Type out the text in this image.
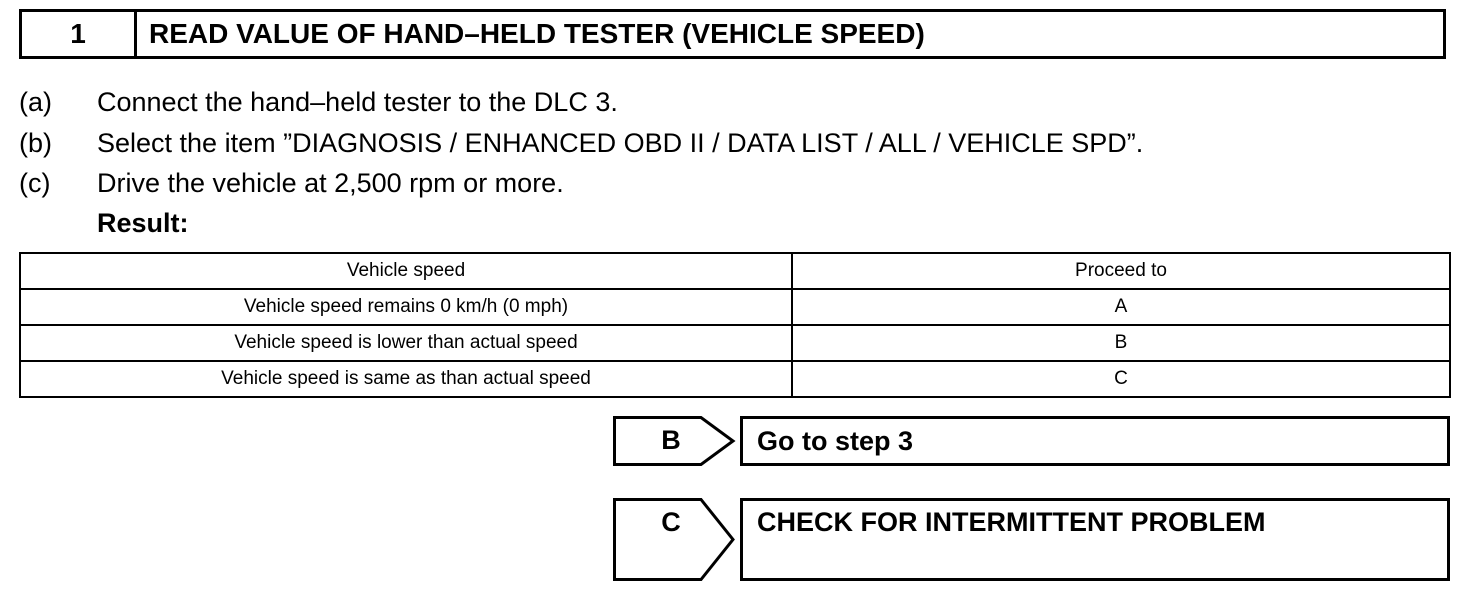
1	READ VALUE OF HAND–HELD TESTER (VEHICLE SPEED)
(a) Connect the hand–held tester to the DLC 3.
(b) Select the item ”DIAGNOSIS / ENHANCED OBD II / DATA LIST / ALL / VEHICLE SPD”.
(c) Drive the vehicle at 2,500 rpm or more.
Result:
Vehicle speed	Proceed to
Vehicle speed remains 0 km/h (0 mph)	A
Vehicle speed is lower than actual speed	B
Vehicle speed is same as than actual speed	C
B	Go to step 3
C	CHECK FOR INTERMITTENT PROBLEM
